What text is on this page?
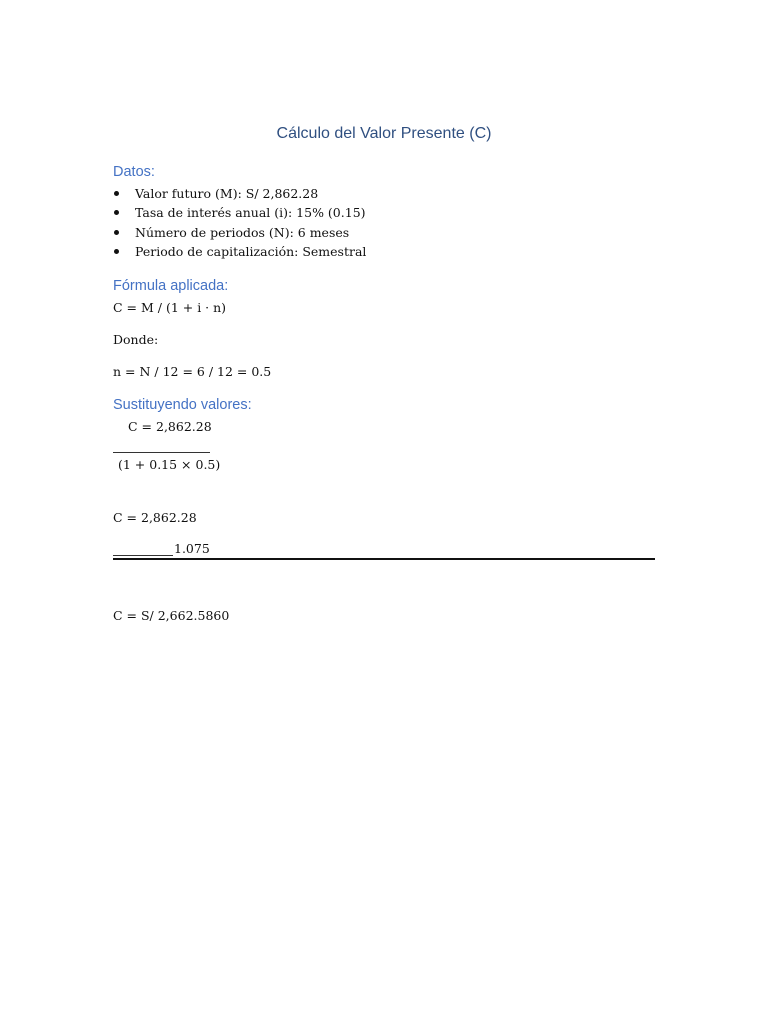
Cálculo del Valor Presente (C)
Datos:
Valor futuro (M): S/ 2,862.28
Tasa de interés anual (i): 15% (0.15)
Número de periodos (N): 6 meses
Periodo de capitalización: Semestral
Fórmula aplicada:
C = M / (1 + i · n)
Donde:
n = N / 12 = 6 / 12 = 0.5
Sustituyendo valores:
C = 2,862.28
(1 + 0.15 × 0.5)
C = 2,862.28
1.075
C = S/ 2,662.5860
